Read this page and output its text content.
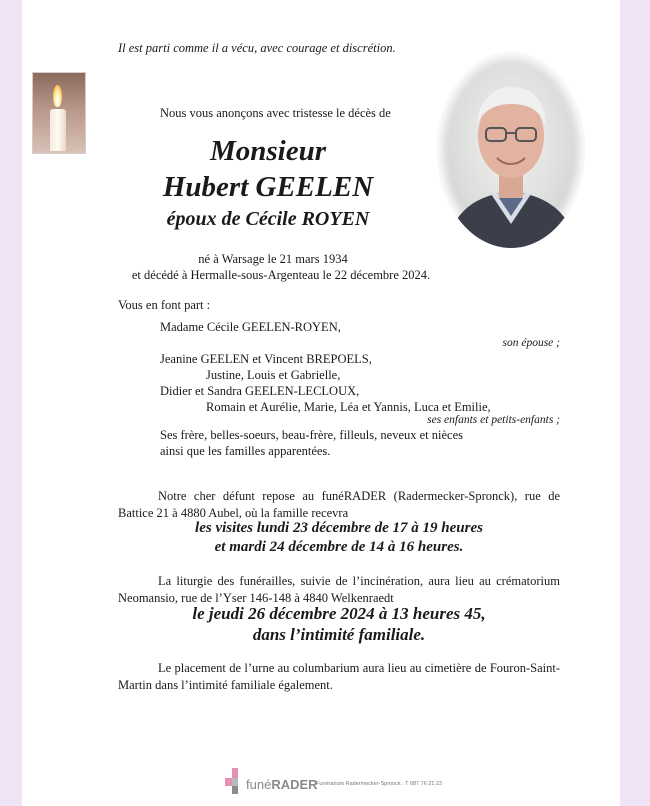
Il est parti comme il a vécu, avec courage et discrétion.
Nous vous anonçons avec tristesse le décès de
Monsieur
Hubert GEELEN
époux de Cécile ROYEN
né à Warsage le 21 mars 1934
et décédé à Hermalle-sous-Argenteau le 22 décembre 2024.
Vous en font part :
Madame Cécile GEELEN-ROYEN,
son épouse ;
Jeanine GEELEN et Vincent BREPOELS,
Justine, Louis et Gabrielle,
Didier et Sandra GEELEN-LECLOUX,
Romain et Aurélie, Marie, Léa et Yannis, Luca et Emilie,
ses enfants et petits-enfants ;
Ses frère, belles-soeurs, beau-frère, filleuls, neveux et nièces
ainsi que les familles apparentées.
Notre cher défunt repose au funéRADER (Radermecker-Spronck), rue de Battice 21 à 4880 Aubel, où la famille recevra
les visites lundi 23 décembre de 17 à 19 heures
et mardi 24 décembre de 14 à 16 heures.
La liturgie des funérailles, suivie de l’incinération, aura lieu au crématorium Neomansio, rue de l’Yser 146-148 à 4840 Welkenraedt
le jeudi 26 décembre 2024 à 13 heures 45,
dans l’intimité familiale.
Le placement de l’urne au columbarium aura lieu au cimetière de Fouron-Saint-Martin dans l’intimité familiale également.
funéRADER
Funérarium Radermecker-Spronck . T 087 76 21 23
